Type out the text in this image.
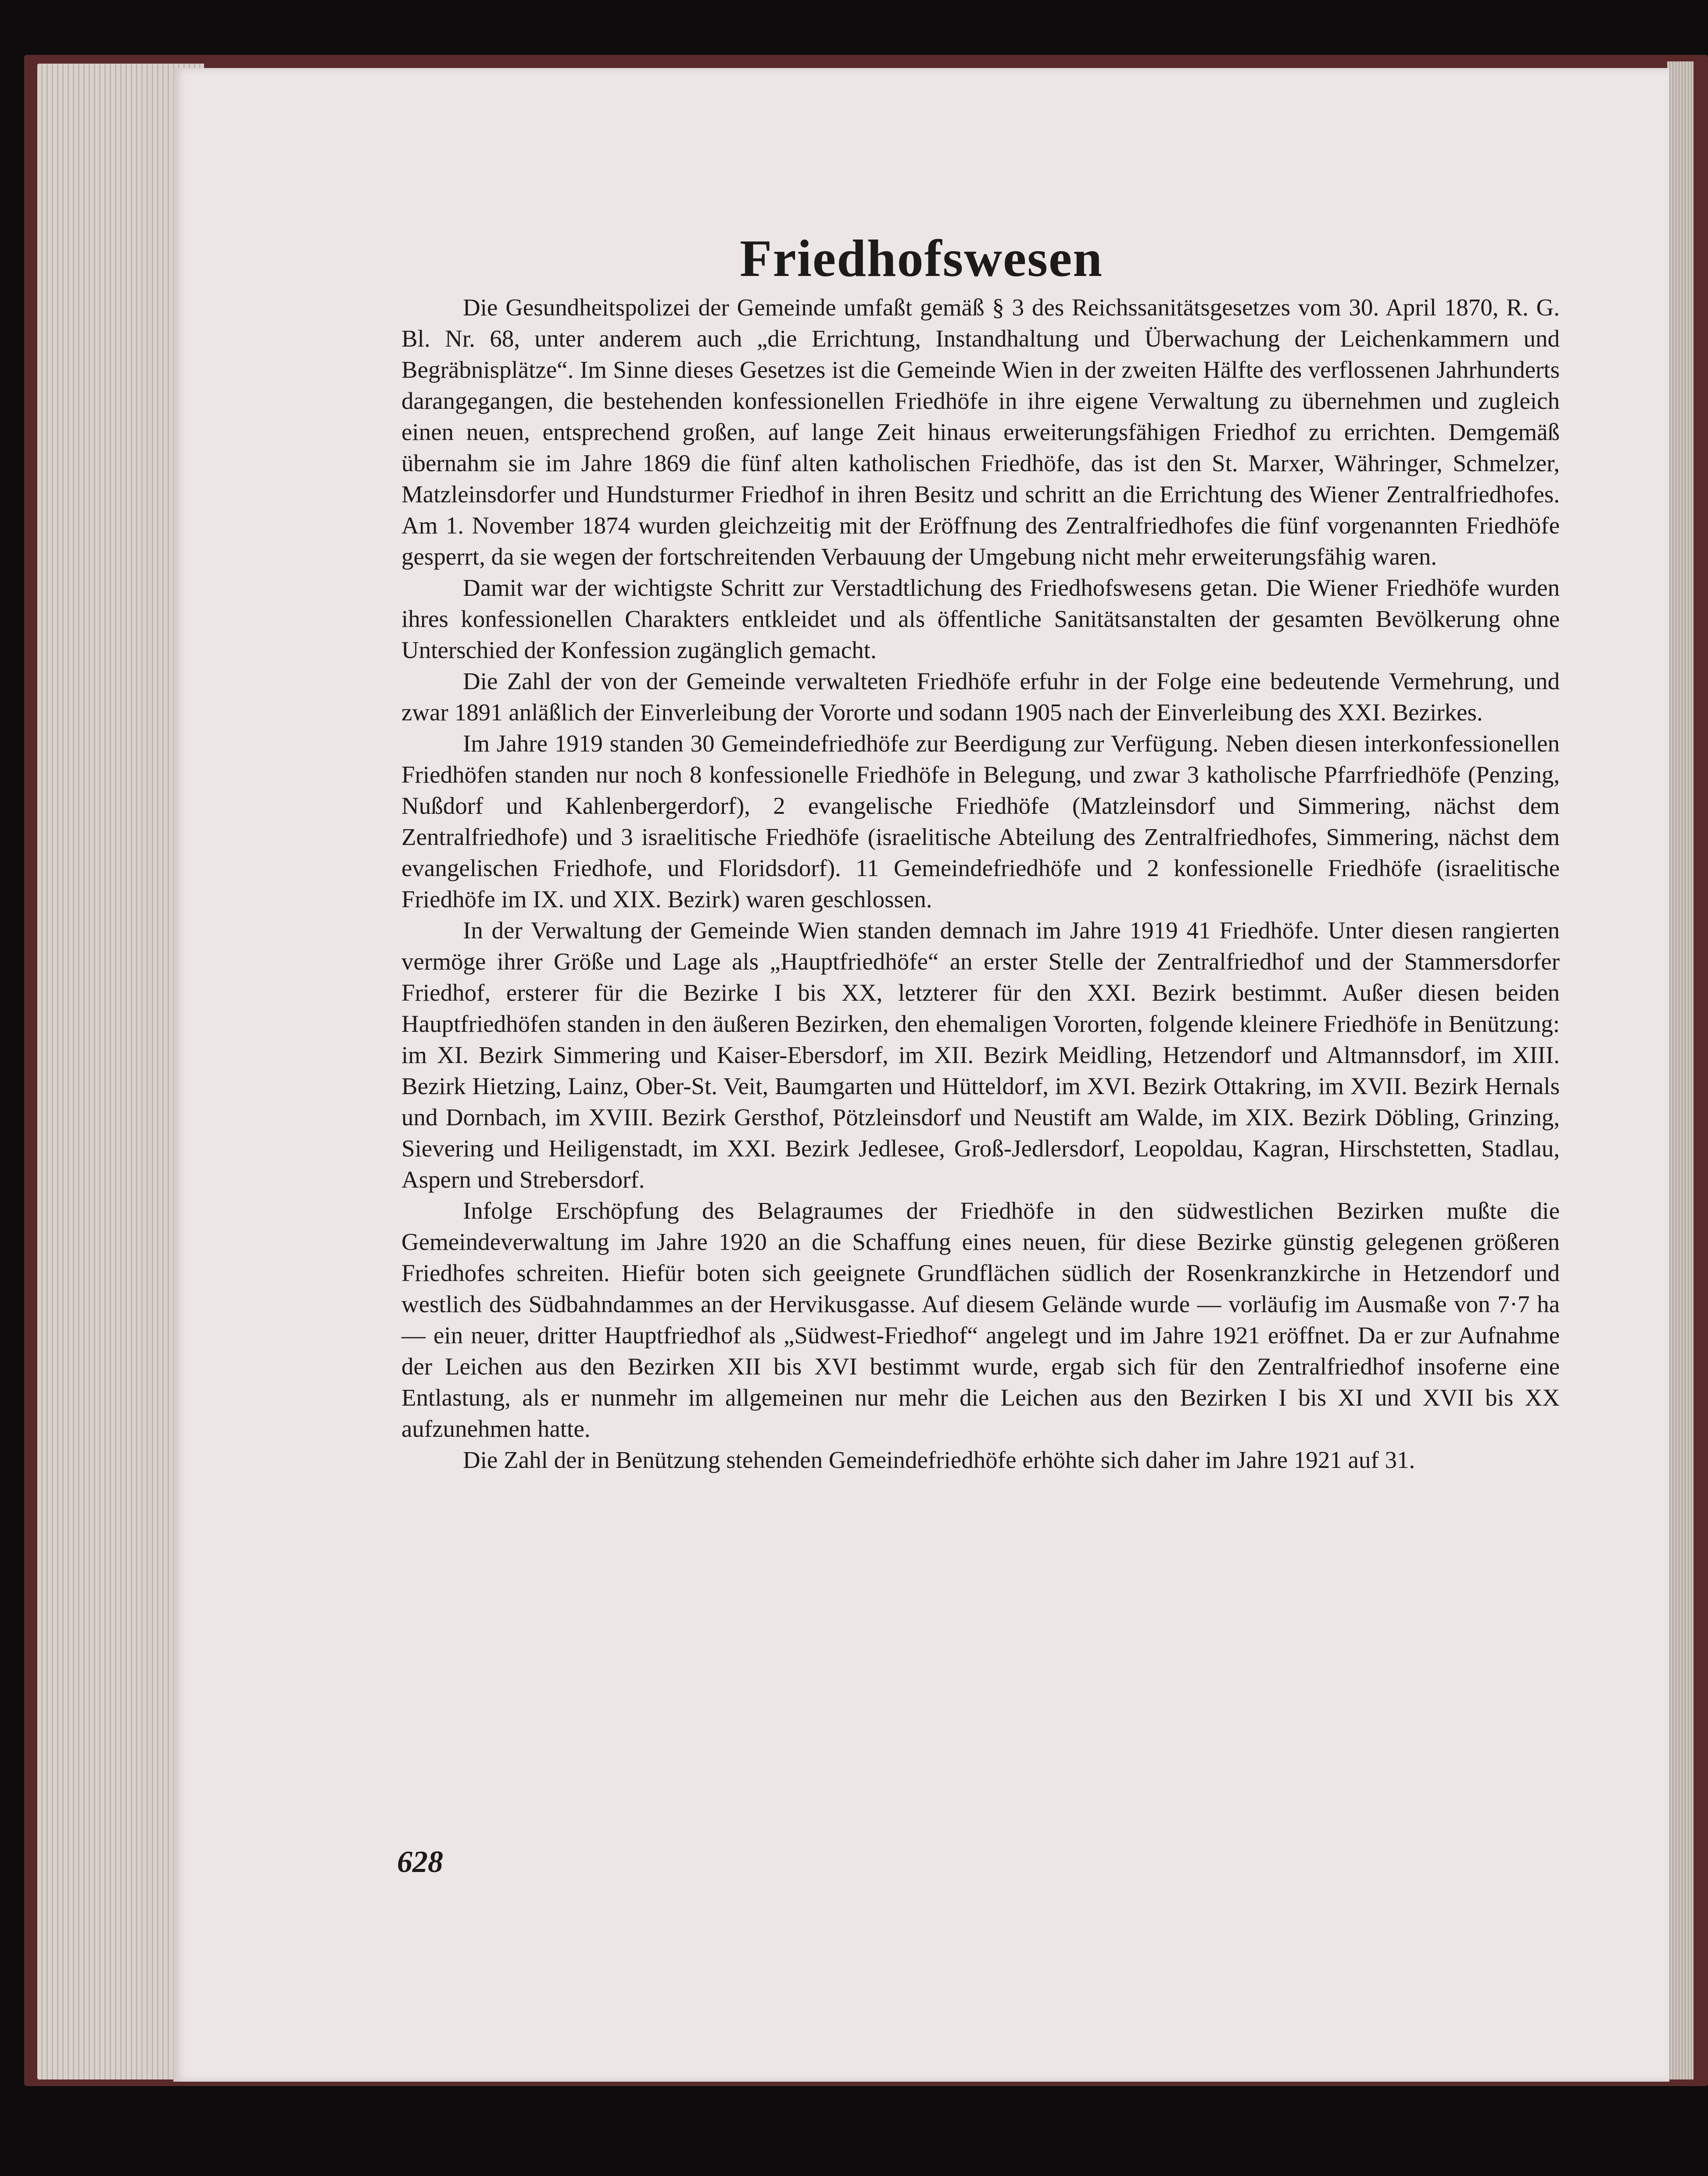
Friedhofswesen

Die Gesundheitspolizei der Gemeinde umfaßt gemäß § 3 des Reichssanitätsgesetzes vom 30. April 1870, R. G. Bl. Nr. 68, unter anderem auch „die Errichtung, Instandhaltung und Überwachung der Leichenkammern und Begräbnisplätze“. Im Sinne dieses Gesetzes ist die Gemeinde Wien in der zweiten Hälfte des verflossenen Jahrhunderts darangegangen, die bestehenden konfessionellen Friedhöfe in ihre eigene Verwaltung zu übernehmen und zugleich einen neuen, entsprechend großen, auf lange Zeit hinaus erweiterungsfähigen Friedhof zu errichten. Demgemäß übernahm sie im Jahre 1869 die fünf alten katholischen Friedhöfe, das ist den St. Marxer, Währinger, Schmelzer, Matzleinsdorfer und Hundsturmer Friedhof in ihren Besitz und schritt an die Errichtung des Wiener Zentralfriedhofes. Am 1. November 1874 wurden gleichzeitig mit der Eröffnung des Zentralfriedhofes die fünf vorgenannten Friedhöfe gesperrt, da sie wegen der fortschreitenden Verbauung der Umgebung nicht mehr erweiterungsfähig waren.

Damit war der wichtigste Schritt zur Verstadtlichung des Friedhofswesens getan. Die Wiener Friedhöfe wurden ihres konfessionellen Charakters entkleidet und als öffentliche Sanitätsanstalten der gesamten Bevölkerung ohne Unterschied der Konfession zugänglich gemacht.

Die Zahl der von der Gemeinde verwalteten Friedhöfe erfuhr in der Folge eine bedeutende Vermehrung, und zwar 1891 anläßlich der Einverleibung der Vororte und sodann 1905 nach der Einverleibung des XXI. Bezirkes.

Im Jahre 1919 standen 30 Gemeindefriedhöfe zur Beerdigung zur Verfügung. Neben diesen interkonfessionellen Friedhöfen standen nur noch 8 konfessionelle Friedhöfe in Belegung, und zwar 3 katholische Pfarrfriedhöfe (Penzing, Nußdorf und Kahlenbergerdorf), 2 evangelische Friedhöfe (Matzleinsdorf und Simmering, nächst dem Zentralfriedhofe) und 3 israelitische Friedhöfe (israelitische Abteilung des Zentralfriedhofes, Simmering, nächst dem evangelischen Friedhofe, und Floridsdorf). 11 Gemeindefriedhöfe und 2 konfessionelle Friedhöfe (israelitische Friedhöfe im IX. und XIX. Bezirk) waren geschlossen.

In der Verwaltung der Gemeinde Wien standen demnach im Jahre 1919 41 Friedhöfe. Unter diesen rangierten vermöge ihrer Größe und Lage als „Hauptfriedhöfe“ an erster Stelle der Zentralfriedhof und der Stammersdorfer Friedhof, ersterer für die Bezirke I bis XX, letzterer für den XXI. Bezirk bestimmt. Außer diesen beiden Hauptfriedhöfen standen in den äußeren Bezirken, den ehemaligen Vororten, folgende kleinere Friedhöfe in Benützung: im XI. Bezirk Simmering und Kaiser-Ebersdorf, im XII. Bezirk Meidling, Hetzendorf und Altmannsdorf, im XIII. Bezirk Hietzing, Lainz, Ober-St. Veit, Baumgarten und Hütteldorf, im XVI. Bezirk Ottakring, im XVII. Bezirk Hernals und Dornbach, im XVIII. Bezirk Gersthof, Pötzleinsdorf und Neustift am Walde, im XIX. Bezirk Döbling, Grinzing, Sievering und Heiligenstadt, im XXI. Bezirk Jedlesee, Groß-Jedlersdorf, Leopoldau, Kagran, Hirschstetten, Stadlau, Aspern und Strebersdorf.

Infolge Erschöpfung des Belagraumes der Friedhöfe in den südwestlichen Bezirken mußte die Gemeindeverwaltung im Jahre 1920 an die Schaffung eines neuen, für diese Bezirke günstig gelegenen größeren Friedhofes schreiten. Hiefür boten sich geeignete Grundflächen südlich der Rosenkranzkirche in Hetzendorf und westlich des Südbahndammes an der Hervikusgasse. Auf diesem Gelände wurde — vorläufig im Ausmaße von 7·7 ha — ein neuer, dritter Hauptfriedhof als „Südwest-Friedhof“ angelegt und im Jahre 1921 eröffnet. Da er zur Aufnahme der Leichen aus den Bezirken XII bis XVI bestimmt wurde, ergab sich für den Zentralfriedhof insoferne eine Entlastung, als er nunmehr im allgemeinen nur mehr die Leichen aus den Bezirken I bis XI und XVII bis XX aufzunehmen hatte.

Die Zahl der in Benützung stehenden Gemeindefriedhöfe erhöhte sich daher im Jahre 1921 auf 31.

628
